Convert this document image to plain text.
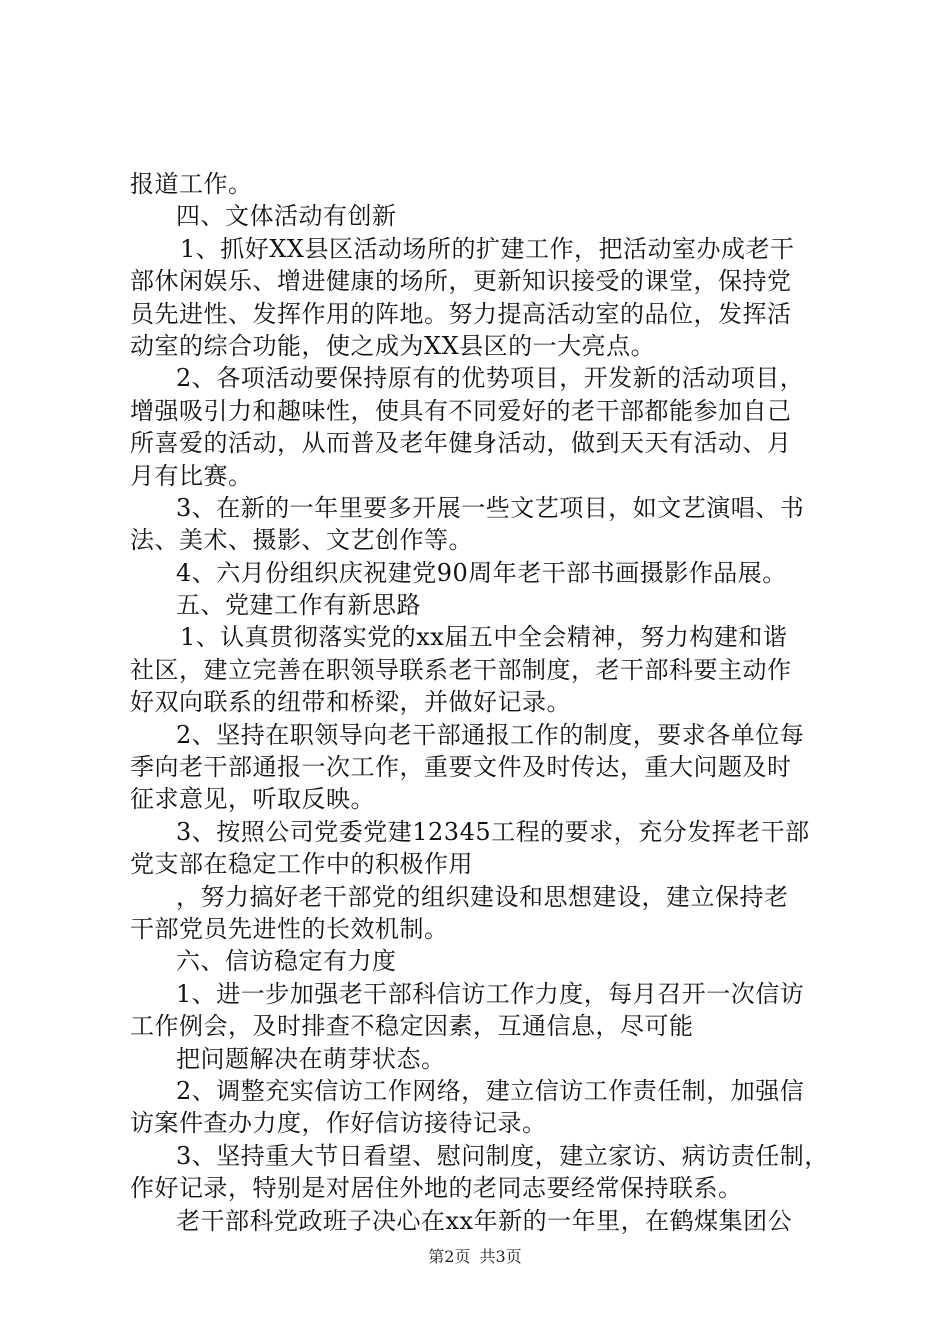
报道工作。
四、文体活动有创新
1、抓好XX县区活动场所的扩建工作，把活动室办成老干
部休闲娱乐、增进健康的场所，更新知识接受的课堂，保持党
员先进性、发挥作用的阵地。努力提高活动室的品位，发挥活
动室的综合功能，使之成为XX县区的一大亮点。
2、各项活动要保持原有的优势项目，开发新的活动项目，
增强吸引力和趣味性，使具有不同爱好的老干部都能参加自己
所喜爱的活动，从而普及老年健身活动，做到天天有活动、月
月有比赛。
3、在新的一年里要多开展一些文艺项目，如文艺演唱、书
法、美术、摄影、文艺创作等。
4、六月份组织庆祝建党90周年老干部书画摄影作品展。
五、党建工作有新思路
1、认真贯彻落实党的xx届五中全会精神，努力构建和谐
社区，建立完善在职领导联系老干部制度，老干部科要主动作
好双向联系的纽带和桥梁，并做好记录。
2、坚持在职领导向老干部通报工作的制度，要求各单位每
季向老干部通报一次工作，重要文件及时传达，重大问题及时
征求意见，听取反映。
3、按照公司党委党建12345工程的要求，充分发挥老干部
党支部在稳定工作中的积极作用
，努力搞好老干部党的组织建设和思想建设，建立保持老
干部党员先进性的长效机制。
六、信访稳定有力度
1、进一步加强老干部科信访工作力度，每月召开一次信访
工作例会，及时排查不稳定因素，互通信息，尽可能
把问题解决在萌芽状态。
2、调整充实信访工作网络，建立信访工作责任制，加强信
访案件查办力度，作好信访接待记录。
3、坚持重大节日看望、慰问制度，建立家访、病访责任制，
作好记录，特别是对居住外地的老同志要经常保持联系。
老干部科党政班子决心在xx年新的一年里，在鹤煤集团公
第2页 共3页
